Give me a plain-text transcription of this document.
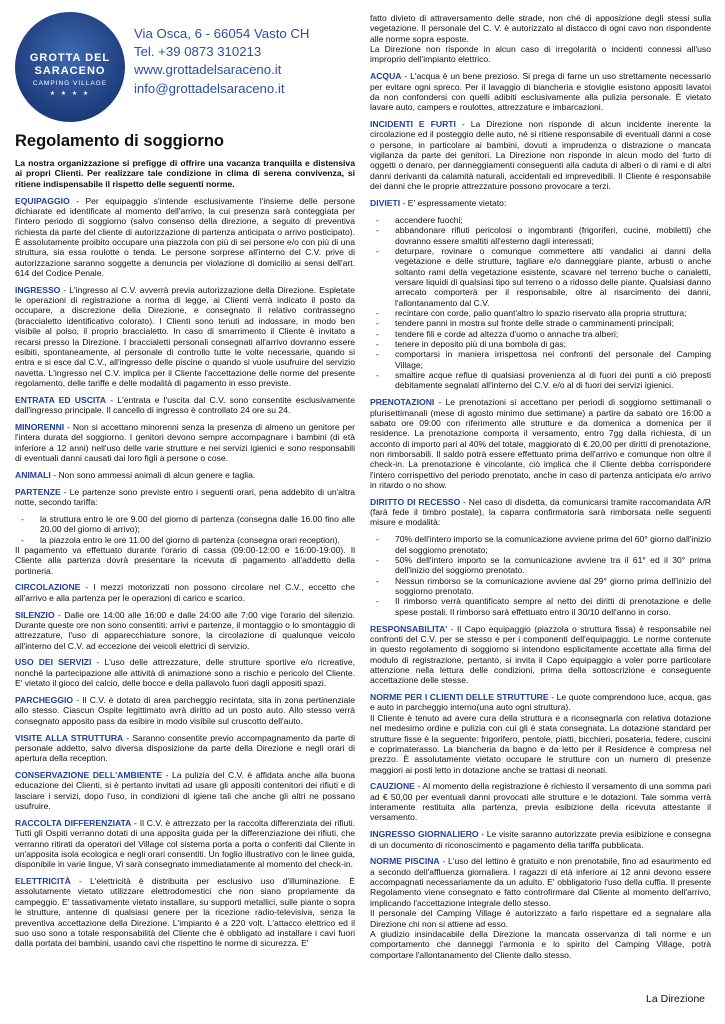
GROTTA DEL
SARACENO
CAMPING VILLAGE
★ ★ ★ ★
Via Osca, 6 - 66054 Vasto CH
Tel. +39 0873 310213
www.grottadelsaraceno.it
info@grottadelsaraceno.it
Regolamento di soggiorno

La nostra organizzazione si prefigge di offrire una vacanza tranquilla e distensiva ai propri Clienti. Per realizzare tale condizione in clima di serena convivenza, si ritiene indispensabile il rispetto delle seguenti norme.

EQUIPAGGIO - Per equipaggio s'intende esclusivamente l'insieme delle persone dichiarate ed identificate al momento dell'arrivo, la cui presenza sarà conteggiata per l'intero periodo di soggiorno (salvo consenso della direzione, a seguito di preventiva richiesta da parte del cliente di autorizzazione di partenza anticipata o arrivo posticipato). È assolutamente proibito occupare una piazzola con più di sei persone e/o con più di una struttura, sia essa roulotte o tenda. Le persone sorprese all'interno del C.V. prive di autorizzazione saranno soggette a denuncia per violazione di domicilio ai sensi dell'art. 614 del Codice Penale.

INGRESSO - L'ingresso al C.V. avverrà previa autorizzazione della Direzione. Espletate le operazioni di registrazione a norma di legge, ai Clienti verrà indicato il posto da occupare, a discrezione della Direzione, e consegnato il relativo contrassegno (braccialetto identificativo colorato). I Clienti sono tenuti ad indossare, in modo ben visibile al polso, il proprio braccialetto. In caso di smarrimento il Cliente è invitato a recarsi presso la Direzione. I braccialetti personali consegnati all'arrivo dovranno essere esibiti, spontaneamente, al personale di controllo tutte le volte necessarie, quando si entra e si esce dal C.V., all'ingresso delle piscine o quando si vuole usufruire del servizio navetta. L'ingresso nel C.V. implica per il Cliente l'accettazione delle norme del presente regolamento, delle tariffe e delle modalità di pagamento in esso previste.

ENTRATA ED USCITA - L'entrata e l'uscita dal C.V. sono consentite esclusivamente dall'ingresso principale. Il cancello di ingresso è controllato 24 ore su 24.

MINORENNI - Non si accettano minorenni senza la presenza di almeno un genitore per l'intera durata del soggiorno. I genitori devono sempre accompagnare i bambini (di età inferiore a 12 anni) nell'uso delle varie strutture e nei servizi igienici e sono responsabili di eventuali danni causati dai loro figli a persone o cose.

ANIMALI - Non sono ammessi animali di alcun genere e taglia.

PARTENZE - Le partenze sono previste entro i seguenti orari, pena addebito di un'altra notte, secondo tariffa:

- la struttura entro le ore 9.00 del giorno di partenza (consegna dalle 16.00 fino alle 20.00 del giorno di arrivo);
- la piazzola entro le ore 11.00 del giorno di partenza (consegna orari reception).

Il pagamento va effettuato durante l'orario di cassa (09:00-12:00 e 16:00-19:00). Il Cliente alla partenza dovrà presentare la ricevuta di pagamento all'addetto della portineria.

CIRCOLAZIONE - I mezzi motorizzati non possono circolare nel C.V., eccetto che all'arrivo e alla partenza per le operazioni di carico e scarico.

SILENZIO - Dalle ore 14:00 alle 16:00 e dalle 24:00 alle 7:00 vige l'orario del silenzio. Durante queste ore non sono consentiti: arrivi e partenze, il montaggio o lo smontaggio di attrezzature, l'uso di apparecchiature sonore, la circolazione di qualunque veicolo all'interno del C.V. ad eccezione dei veicoli elettrici di servizio.

USO DEI SERVIZI - L'uso delle attrezzature, delle strutture sportive e/o ricreative, nonché la partecipazione alle attività di animazione sono a rischio e pericolo del Cliente. E' vietato il gioco del calcio, delle bocce e della pallavolo fuori dagli appositi spazi.

PARCHEGGIO - Il C.V. è dotato di area parcheggio recintata, sita in zona pertinenziale allo stesso. Ciascun Ospite legittimato avrà diritto ad un posto auto. Allo stesso verrà consegnato apposito pass da esibire in modo visibile sul cruscotto dell'auto.

VISITE ALLA STRUTTURA - Saranno consentite previo accompagnamento da parte di personale addetto, salvo diversa disposizione da parte della Direzione e negli orari di apertura della reception.

CONSERVAZIONE DELL'AMBIENTE - La pulizia del C.V. è affidata anche alla buona educazione dei Clienti, si è pertanto invitati ad usare gli appositi contenitori dei rifiuti e di lasciare i servizi, dopo l'uso, in condizioni di igiene tali che anche gli altri ne possano usufruire.

RACCOLTA DIFFERENZIATA - Il C.V. è attrezzato per la raccolta differenziata dei rifiuti. Tutti gli Ospiti verranno dotati di una apposita guida per la differenziazione dei rifiuti, che verranno ritirati da operatori del Village col sistema porta a porta o conferiti dal Cliente in un'apposita isola ecologica e negli orari consentiti. Un foglio illustrativo con le linee guida, disponibile in varie lingue, Vi sarà consegnato immediatamente al momento del check-in.

ELETTRICITÀ - L'elettricità è distribuita per esclusivo uso d'illuminazione. È assolutamente vietato utilizzare elettrodomestici che non siano propriamente da campeggio. E' tassativamente vietato installare, su supporti metallici, sulle piante o sopra le strutture, antenne di qualsiasi genere per la ricezione radio-televisiva, senza la preventiva accettazione della Direzione. L'impianto è a 220 volt. L'attacco elettrico ed il suo uso sono a totale responsabilità del Cliente che è obbligato ad installare i cavi fuori dalla portata dei bambini, usando cavi che rispettino le norme di sicurezza. E'

fatto divieto di attraversamento delle strade, non ché di apposizione degli stessi sulla vegetazione. Il personale del C. V. è autorizzato al distacco di ogni cavo non rispondente alle norme sopra esposte.
La Direzione non risponde in alcun caso di irregolarità o incidenti connessi all'uso improprio dell'impianto elettrico.

ACQUA - L'acqua è un bene prezioso. Si prega di farne un uso strettamente necessario per evitare ogni spreco. Per il lavaggio di biancheria e stoviglie esistono appositi lavatoi da non confondersi con quelli adibiti esclusivamente alla pulizia personale. È vietato lavare auto, campers e roulottes, attrezzature e imbarcazioni.

INCIDENTI E FURTI - La Direzione non risponde di alcun incidente inerente la circolazione ed il posteggio delle auto, né si ritiene responsabile di eventuali danni a cose o persone, in particolare ai bambini, dovuti a imprudenza o distrazione o mancata vigilanza da parte dei genitori. La Direzione non risponde in alcun modo del furto di oggetti o denaro, per danneggiamenti conseguenti alla caduta di alberi o di rami e di altri danni derivanti da calamità naturali, accidentali ed imprevedibili. Il Cliente è responsabile dei danni che le proprie attrezzature possono provocare a terzi.

DIVIETI - E' espressamente vietato:

- accendere fuochi;
- abbandonare rifiuti pericolosi o ingombranti (frigoriferi, cucine, mobiletti) che dovranno essere smaltiti all'esterno dagli interessati;
- deturpare, rovinare o comunque commettere atti vandalici ai danni della vegetazione e delle strutture, tagliare e/o danneggiare piante, arbusti o anche soltanto rami della vegetazione esistente, scavare nel terreno buche o canaletti, versare liquidi di qualsiasi tipo sul terreno o a ridosso delle piante. Qualsiasi danno arrecato comporterà per il responsabile, oltre al risarcimento dei danni, l'allontanamento dal C.V.
- recintare con corde, palio quant'altro lo spazio riservato alla propria struttura;
- tendere panni in mostra sul fronte delle strade o camminamenti principali;
- tendere fili e corde ad altezza d'uomo o annache tra alberi;
- tenere in deposito più di una bombola di gas;
- comportarsi in maniera irrispettosa nei confronti del personale del Camping Village;
- smaltire acque reflue di qualsiasi provenienza al di fuori dei punti a ciò preposti debitamente segnalati all'interno del C.V. e/o al di fuori dei servizi igienici.

PRENOTAZIONI - Le prenotazioni si accettano per periodi di soggiorno settimanali o plurisettimanali (mese di agosto minimo due settimane) a partire da sabato ore 16:00 a sabato ore 09:00 con riferimento alle strutture e da domenica a domenica per il residence. La prenotazione comporta il versamento, entro 7gg dalla richiesta, di un acconto di importo pari al 40% del totale, maggiorato di €.20,00 per diritti di prenotazione, non rimborsabili. Il saldo potrà essere effettuato prima dell'arrivo e comunque non oltre il check-in. La prenotazione è vincolante, ciò implica che il Cliente debba corrispondere l'intero corrispettivo del periodo prenotato, anche in caso di partenza anticipata e/o arrivo in ritardo o no show.

DIRITTO DI RECESSO - Nel caso di disdetta, da comunicarsi tramite raccomandata A/R (farà fede il timbro postale), la caparra confirmatoria sarà rimborsata nelle seguenti misure e modalità:

- 70% dell'intero importo se la comunicazione avviene prima del 60° giorno dall'inizio del soggiorno prenotato;
- 50% dell'intero importo se la comunicazione avviene tra il 61° ed il 30° prima dell'inizio del soggiorno prenotato.
- Nessun rimborso se la comunicazione avviene dal 29° giorno prima dell'inizio del soggiorno prenotato.
- Il rimborso verrà quantificato sempre al netto dei diritti di prenotazione e delle spese postali. Il rimborso sarà effettuato entro il 30/10 dell'anno in corso.

RESPONSABILITA' - Il Capo equipaggio (piazzola o struttura fissa) è responsabile nei confronti del C.V. per se stesso e per i componenti dell'equipaggio. Le norme contenute in questo regolamento di soggiorno si intendono esplicitamente accettate alla firma del modulo di registrazione, pertanto, si invita il Capo equipaggio a voler porre particolare attenzione nella lettura delle condizioni, prima della sottoscrizione e conseguente accettazione delle stesse.

NORME PER I CLIENTI DELLE STRUTTURE - Le quote comprendono luce, acqua, gas e auto in parcheggio interno(una auto ogni struttura).
Il Cliente è tenuto ad avere cura della struttura e a riconsegnarla con relativa dotazione nel medesimo ordine e pulizia con cui gli è stata consegnata. La dotazione standard per strutture fisse è la seguente: frigorifero, pentole, piatti, bicchieri, posateria, federe, cuscini e coprimaterasso. La biancheria da bagno e da letto per il Residence è compresa nel prezzo. È assolutamente vietato occupare le strutture con un numero di presenze maggiori ai posti letto in dotazione anche se trattasi di neonati.

CAUZIONE - Al momento della registrazione è richiesto il versamento di una somma pari ad € 50,00 per eventuali danni provocati alle strutture e le dotazioni. Tale somma verrà interamente restituita alla partenza, previa esibizione della ricevuta attestante il versamento.

INGRESSO GIORNALIERO - Le visite saranno autorizzate previa esibizione e consegna di un documento di riconoscimento e pagamento della tariffa pubblicata.

NORME PISCINA - L'uso del lettino è gratuito e non prenotabile, fino ad esaurimento ed a secondo dell'affluenza giornaliera. I ragazzi di età inferiore ai 12 anni devono essere accompagnati necessariamente da un adulto. E' obbligatorio l'uso della cuffia. Il presente Regolamento viene consegnato e fatto controfirmare dal Cliente al momento dell'arrivo, implicando l'accettazione integrale dello stesso.
Il personale del Camping Village è autorizzato a farlo rispettare ed a segnalare alla Direzione chi non si attiene ad esso.
A giudizio insindacabile della Direzione la mancata osservanza di tali norme e un comportamento che danneggi l'armonia e lo spirito del Camping Village, potrà comportare l'allontanamento del Cliente dallo stesso.

La Direzione
